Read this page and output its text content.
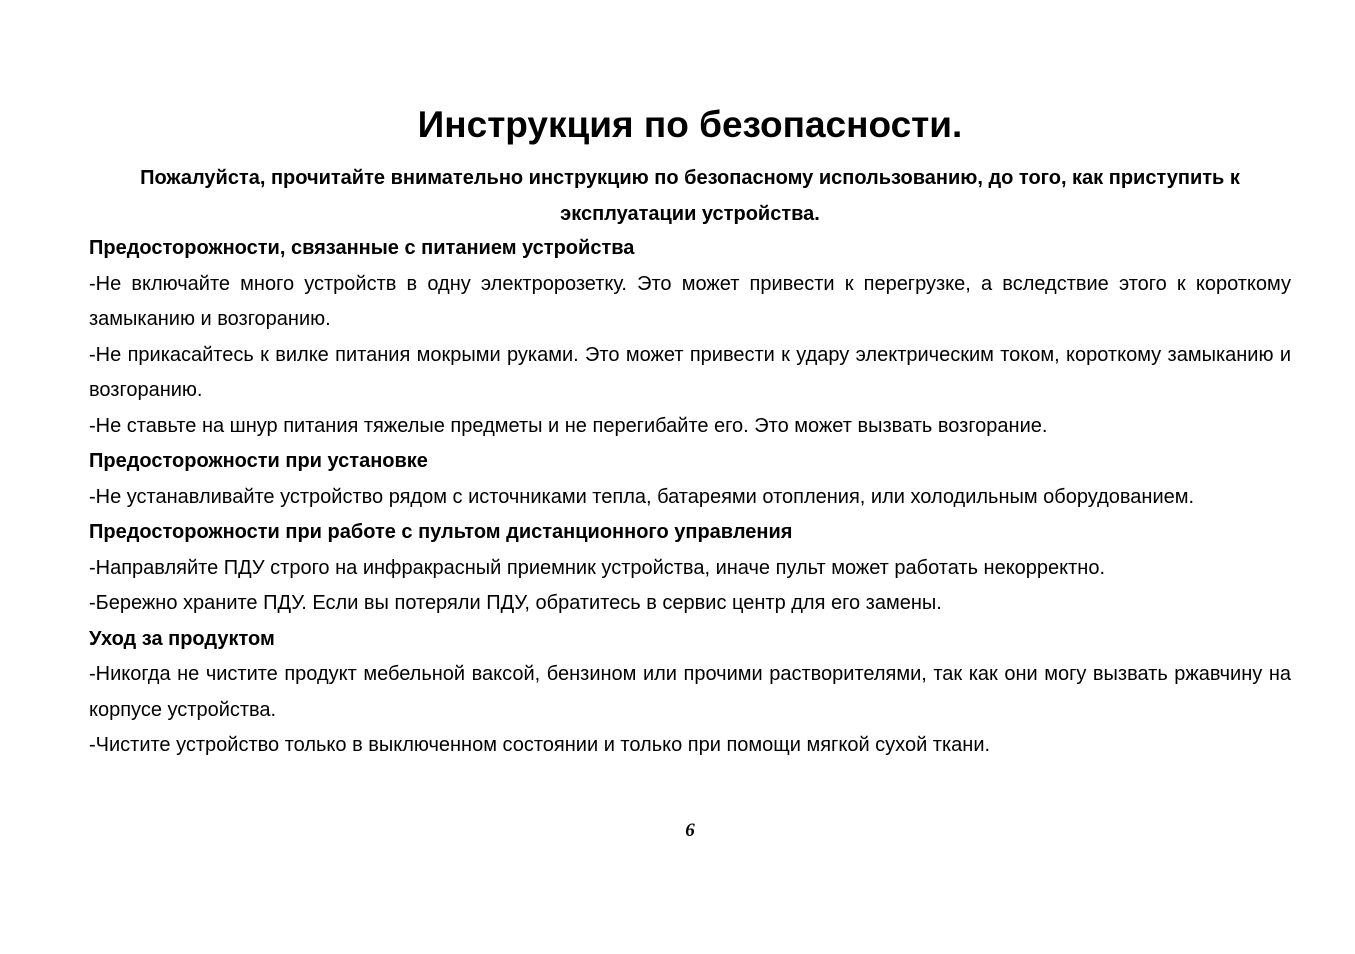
Инструкция по безопасности.

Пожалуйста, прочитайте внимательно инструкцию по безопасному использованию, до того, как приступить к эксплуатации устройства.

Предосторожности, связанные с питанием устройства

-Не включайте много устройств в одну электророзетку. Это может привести к перегрузке, а вследствие этого к короткому замыканию и возгоранию.

-Не прикасайтесь к вилке питания мокрыми руками. Это может привести к удару электрическим током, короткому замыканию и возгоранию.

-Не ставьте на шнур питания тяжелые предметы и не перегибайте его. Это может вызвать возгорание.

Предосторожности при установке

-Не устанавливайте устройство рядом с источниками тепла, батареями отопления, или холодильным оборудованием.

Предосторожности при работе с пультом дистанционного управления

-Направляйте ПДУ строго на инфракрасный приемник устройства, иначе пульт может работать некорректно.

-Бережно храните ПДУ. Если вы потеряли ПДУ, обратитесь в сервис центр для его замены.

Уход за продуктом

-Никогда не чистите продукт мебельной ваксой, бензином или прочими растворителями, так как они могу вызвать ржавчину на корпусе устройства.

-Чистите устройство только в выключенном состоянии и только при помощи мягкой сухой ткани.

6
